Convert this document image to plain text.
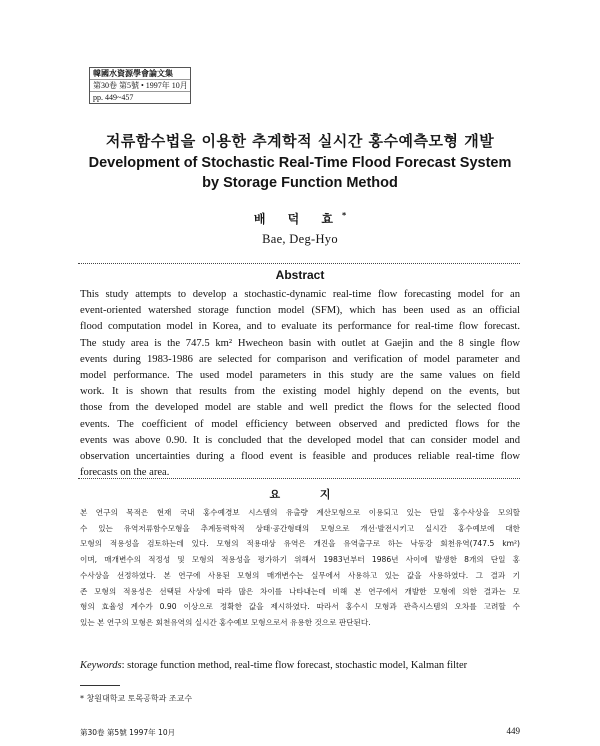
韓國水資源學會論文集
第30卷 第5號 • 1997年 10月
pp. 449~457
저류함수법을 이용한 추계학적 실시간 홍수예측모형 개발
Development of Stochastic Real-Time Flood Forecast System
by Storage Function Method
배 덕 효*
Bae, Deg-Hyo
Abstract
This study attempts to develop a stochastic-dynamic real-time flow forecasting model for an
event-oriented watershed storage function model (SFM), which has been used as an official
flood computation model in Korea, and to evaluate its performance for real-time flow forecast.
The study area is the 747.5 km² Hwecheon basin with outlet at Gaejin and the 8 single flow
events during 1983-1986 are selected for comparison and verification of model parameter and
model performance. The used model parameters in this study are the same values on field
work. It is shown that results from the existing model highly depend on the events, but
those from the developed model are stable and well predict the flows for the selected flood
events. The coefficient of model efficiency between observed and predicted flows for the
events was above 0.90. It is concluded that the developed model that can consider model and
observation uncertainties during a flood event is feasible and produces reliable real-time flow
forecasts on the area.
요 지
본 연구의 목적은 현재 국내 홍수예경보 시스템의 유출량 계산모형으로 이용되고 있는 단일 홍수사상을 모의할
수 있는 유역저류함수모형을 추계동력학적 상태·공간형태의 모형으로 개선·발전시키고 실시간 홍수예보에 대한
모형의 적용성을 검토하는데 있다. 모형의 적용대상 유역은 개진을 유역출구로 하는 낙동강 회천유역(747.5 km²)
이며, 매개변수의 적정성 및 모형의 적용성을 평가하기 위해서 1983년부터 1986년 사이에 발생한 8개의 단일 홍
수사상을 선정하였다. 본 연구에 사용된 모형의 매개변수는 실무에서 사용하고 있는 값을 사용하였다. 그 결과 기
존 모형의 적용성은 선택된 사상에 따라 많은 차이를 나타내는데 비해 본 연구에서 개발한 모형에 의한 결과는 모
형의 효율성 계수가 0.90 이상으로 정확한 값을 제시하였다. 따라서 홍수시 모형과 관측시스템의 오차를 고려할 수
있는 본 연구의 모형은 회천유역의 실시간 홍수예보 모형으로서 유용한 것으로 판단된다.
Keywords: storage function method, real-time flow forecast, stochastic model, Kalman filter
* 창원대학교 토목공학과 조교수
第30卷 第5號 1997年 10月	449
